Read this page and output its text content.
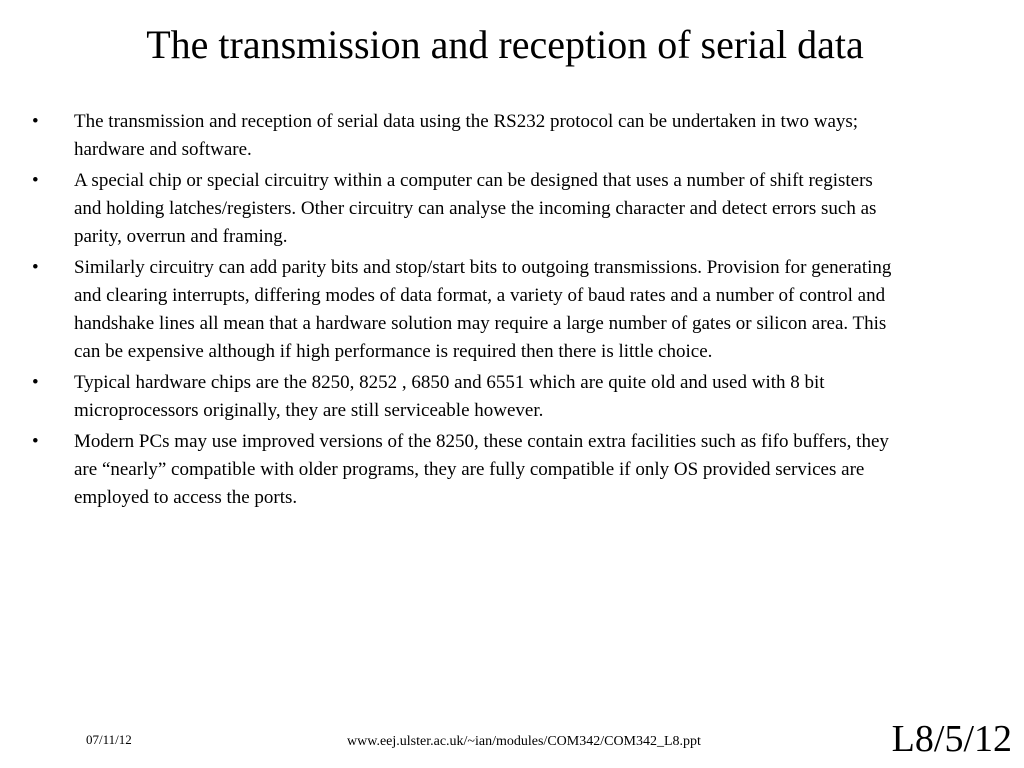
The transmission and reception of serial data
• The transmission and reception of serial data using the RS232 protocol can be undertaken in two ways; hardware and software.
• A special chip or special circuitry within a computer can be designed that uses a number of shift registers and holding latches/registers. Other circuitry can analyse the incoming character and detect errors such as parity, overrun and framing.
• Similarly circuitry can add parity bits and stop/start bits to outgoing transmissions. Provision for generating and clearing interrupts, differing modes of data format, a variety of baud rates and a number of control and handshake lines all mean that a hardware solution may require a large number of gates or silicon area. This can be expensive although if high performance is required then there is little choice.
• Typical hardware chips are the 8250, 8252 , 6850 and 6551 which are quite old and used with 8 bit microprocessors originally, they are still serviceable however.
• Modern PCs may use improved versions of the 8250, these contain extra facilities such as fifo buffers, they are “nearly” compatible with older programs, they are fully compatible if only OS provided services are employed to access the ports.
07/11/12	www.eej.ulster.ac.uk/~ian/modules/COM342/COM342_L8.ppt	L8/5/12
